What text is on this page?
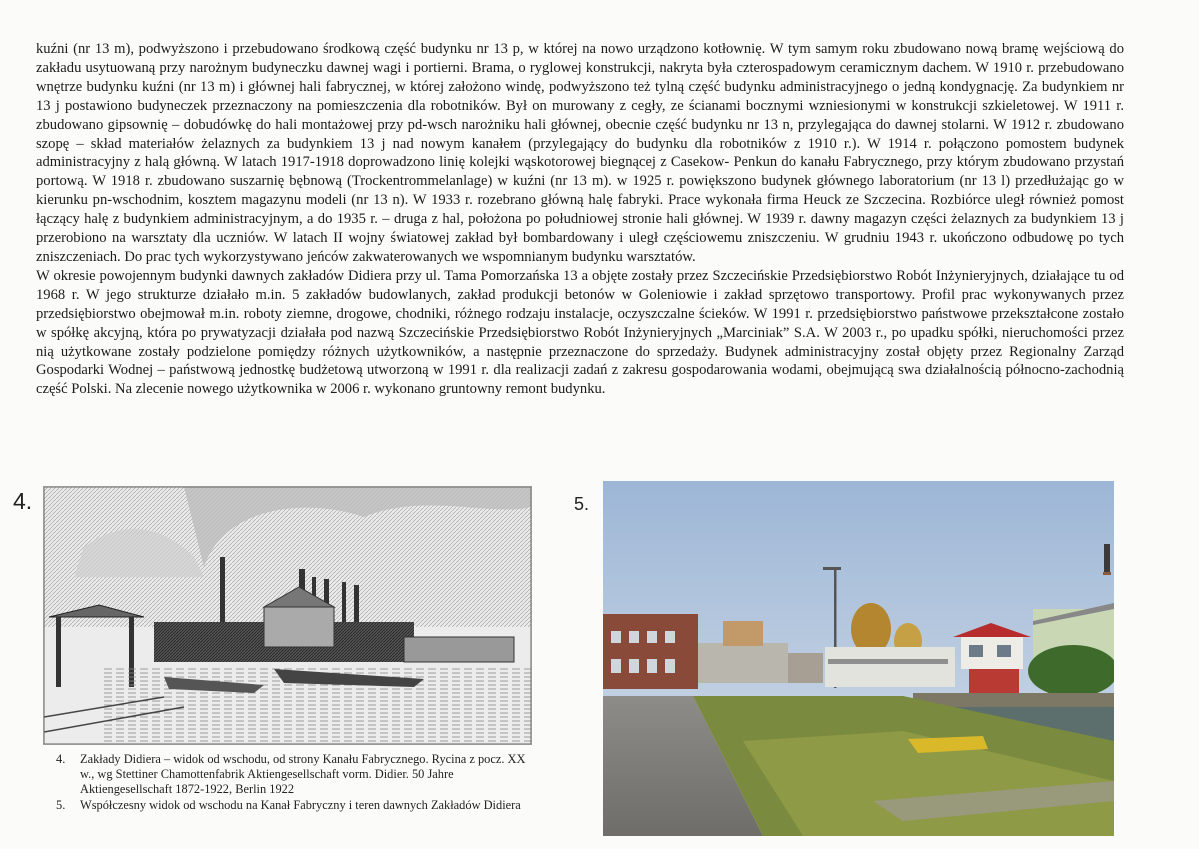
kuźni (nr 13 m), podwyższono i przebudowano środkową część budynku nr 13 p, w której na nowo urządzono kotłownię. W tym samym roku zbudowano nową bramę wejściową do zakładu usytuowaną przy narożnym budyneczku dawnej wagi i portierni. Brama, o ryglowej konstrukcji, nakryta była czterospadowym ceramicznym dachem. W 1910 r. przebudowano wnętrze budynku kuźni (nr 13 m) i głównej hali fabrycznej, w której założono windę, podwyższono też tylną część budynku administracyjnego o jedną kondygnację. Za budynkiem nr 13 j postawiono budyneczek przeznaczony na pomieszczenia dla robotników. Był on murowany z cegły, ze ścianami bocznymi wzniesionymi w konstrukcji szkieletowej. W 1911 r. zbudowano gipsownię – dobudówkę do hali montażowej przy pd-wsch narożniku hali głównej, obecnie część budynku nr 13 n, przylegająca do dawnej stolarni. W 1912 r. zbudowano szopę – skład materiałów żelaznych za budynkiem 13 j nad nowym kanałem (przylegający do budynku dla robotników z 1910 r.). W 1914 r. połączono pomostem budynek administracyjny z halą główną. W latach 1917-1918 doprowadzono linię kolejki wąskotorowej biegnącej z Casekow- Penkun do kanału Fabrycznego, przy którym zbudowano przystań portową. W 1918 r. zbudowano suszarnię bębnową (Trockentrommelanlage) w kuźni (nr 13 m). w 1925 r. powiększono budynek głównego laboratorium (nr 13 l) przedłużając go w kierunku pn-wschodnim, kosztem magazynu modeli (nr 13 n). W 1933 r. rozebrano główną halę fabryki. Prace wykonała firma Heuck ze Szczecina. Rozbiórce uległ również pomost łączący halę z budynkiem administracyjnym, a do 1935 r. – druga z hal, położona po południowej stronie hali głównej. W 1939 r. dawny magazyn części żelaznych za budynkiem 13 j przerobiono na warsztaty dla uczniów. W latach II wojny światowej zakład był bombardowany i uległ częściowemu zniszczeniu. W grudniu 1943 r. ukończono odbudowę po tych zniszczeniach. Do prac tych wykorzystywano jeńców zakwaterowanych we wspomnianym budynku warsztatów.

W okresie powojennym budynki dawnych zakładów Didiera przy ul. Tama Pomorzańska 13 a objęte zostały przez Szczecińskie Przedsiębiorstwo Robót Inżynieryjnych, działające tu od 1968 r. W jego strukturze działało m.in. 5 zakładów budowlanych, zakład produkcji betonów w Goleniowie i zakład sprzętowo transportowy. Profil prac wykonywanych przez przedsiębiorstwo obejmował m.in. roboty ziemne, drogowe, chodniki, różnego rodzaju instalacje, oczyszczalne ścieków. W 1991 r. przedsiębiorstwo państwowe przekształcone zostało w spółkę akcyjną, która po prywatyzacji działała pod nazwą Szczecińskie Przedsiębiorstwo Robót Inżynieryjnych „Marciniak” S.A. W 2003 r., po upadku spółki, nieruchomości przez nią użytkowane zostały podzielone pomiędzy różnych użytkowników, a następnie przeznaczone do sprzedaży. Budynek administracyjny został objęty przez Regionalny Zarząd Gospodarki Wodnej – państwową jednostkę budżetową utworzoną w 1991 r. dla realizacji zadań z zakresu gospodarowania wodami, obejmującą swa działalnością północno-zachodnią część Polski. Na zlecenie nowego użytkownika w 2006 r. wykonano gruntowny remont budynku.

4.	5.
4.	Zakłady Didiera – widok od wschodu, od strony Kanału Fabrycznego. Rycina z pocz. XX w., wg Stettiner Chamottenfabrik Aktiengesellschaft vorm. Didier. 50 Jahre Aktiengesellschaft 1872-1922, Berlin 1922
5.	Współczesny widok od wschodu na Kanał Fabryczny i teren dawnych Zakładów Didiera
